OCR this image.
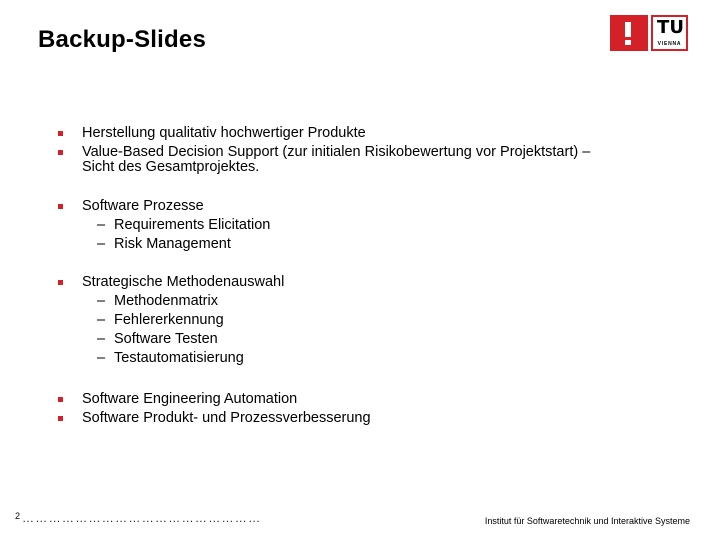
Backup-Slides	TU
VIENNA
Herstellung qualitativ hochwertiger Produkte
Value-Based Decision Support (zur initialen Risikobewertung vor Projektstart) –
Sicht des Gesamtprojektes.
Software Prozesse
– Requirements Elicitation
– Risk Management
Strategische Methodenauswahl
– Methodenmatrix
– Fehlererkennung
– Software Testen
– Testautomatisierung
Software Engineering Automation
Software Produkt- und Prozessverbesserung
2 ………………………………………………	Institut für Softwaretechnik und Interaktive Systeme
